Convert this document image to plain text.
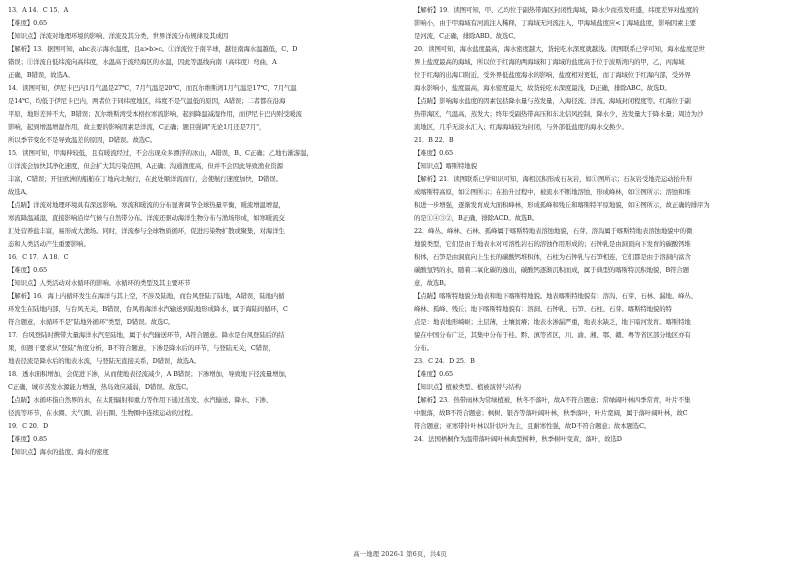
13．A 14．C 15．A
【难度】0.65
【知识点】洋流对地理环境的影响、洋流及其分类、世界洋流分布规律及其成因
【解析】13．据图可知，abc表示海水温度，且a>b>c。①洋流位于南半球，越往南海水温越低，C、D
错误；①洋流自低纬流向高纬度，水温高于流经海区的水温，因此等温线向南（高纬度）弯曲，A
正确，B错误，故选A。
14．读图可知，伊尼卡巴内1月气温是27℃，7月气温是20℃，而瓦尔维斯湾1月气温是17℃，7月气温
是14℃，均低于伊尼卡巴内，两者位于同纬度地区，纬度不是气温低的原因，A错误；二者都在沿海
平原，地形差异不大，B错误；瓦尔维斯湾受本格拉寒流影响，起到降温减湿作用，而伊尼卡巴内则受暖流
影响，起到增温增湿作用，故主要的影响因素是洋流，C正确；题目强调"无论1月还是7月"，
所以季节变化不是导致温差的原因，D错误。故选C。
15．读图可知，甲海伸较低，且有暖流经过，不会出现众多漂浮的冰山，A错误，B、C正确；乙地右渐游温，
①洋流会加快其净化速度，但会扩大其污染范围，A正确；沟通渔度高，但并不会因此导致渔业资源
丰富，C错误；开往欧洲的船舶在丁地向北航行，在此处顺洋流而行，会使航行速度加快，D错误。
故选A。
【点睛】洋流对地理环境具有深远影响。寒流和暖流的分布显著调节全球热量平衡，暖流增温增湿，
寒流降温减湿，直接影响沿岸气候与自然带分布。洋流还驱动海洋生物分布与渔场形成，如寒暖流交
汇处营养盐丰富，易形成大渔场。同时，洋流参与全球物质循环，促进污染物扩散或聚集，对海洋生
态和人类活动产生重要影响。
16．C 17．A 18．C
【难度】0.65
【知识点】人类活动对水循环的影响、水循环的类型及其主要环节
【解析】16．海上内循环发生在海洋与其上空，不涉及陆地，而台风登陆了陆地，A错误，陆地内循
环发生在陆地内部，与台风无关，B错误，台风将海洋水汽输送到陆地形成降水，属于海陆间循环，C
符合题意，水循环不是"陆地外循环"类型，D错误。故选C。
17．台风登陆时携带大量海洋水汽至陆地，属于水汽输送环节，A符合题意。降水是台风登陆后的结
果，但题干要求从"登陆"角度分析，B不符合题意，下渗是降水后的环节，与登陆无关，C错误，
地表径流是降水后的地表水流，与登陆无直接关系，D错误，故选A。
18．透水面积增加，会促进下渗，从而使地表径流减少，A B错误；下渗增加，导致地下径流量增加，
C正确，城市蒸发水源能力增强，热岛效应减弱，D错误。故选C。
【点睛】水循环指自然界的水，在太阳辐射和重力等作用下通过蒸发、水汽输送、降水、下渗、
径流等环节，在水圈、大气圈、岩石圈、生物圈中连续运动的过程。
19．C 20．D
【难度】0.85
【知识点】海水的盐度、海水的密度
【解析】19．读图可知，甲、乙均位于副热带海区封闭性海域，降水少而蒸发旺盛，纬度差异对盐度的
影响小，由于甲海域有河流注入稀释，丁海域无河流注入，甲海域盐度应<丁海域盐度，影响因素主要
是河流，C正确，排除ABD。故选C。
20．读图可知，海水盐度最高，海水密度越大，货轮吃水深度就越浅。读图联系已学可知，海水盐度是世
界上盐度最高的海域，所以位于红海的两海域和丁海域的盐度高于位于波斯湾内的甲，乙，丙海域
位于红海的出海口附近，受外界低盐度海水的影响，盐度相对更低，而丁海域位于红海内部，受外界
海水影响小，盐度最高，海水密度最大，故货轮吃水深度最浅，D正确，排除ABC。故选D。
【点睛】影响海水盐度的因素包括降水量与蒸发量，入海径流、洋流、海域封闭程度等。红海位于副
热带海区，气温高，蒸发大；终年受副热带高压和东北信风控制，降水少，蒸发量大于降水量；周边为沙
流地区，几乎无淡水汇入；红海海域较为封闭，与外部低盐度的海水交换少。
21．B 22．B
【难度】0.65
【知识点】喀斯特地貌
【解析】21．读图联系已学知识可知，海相沉积形成石灰岩，如①图所示；石灰岩受地壳运动抬升形
成喀斯特高原，如②图所示；在抬升过程中，被流水不断地溶蚀，形成峰林，如③图所示；溶蚀和堆
积进一步增强，逐渐发育成大面积峰林，形成孤峰和残丘和喀斯特平原地貌，如④图所示，故正确的排序为
的是①④③②，B正确，排除ACD。故选B。
22．峰丛、峰林、石林、孤峰属于喀斯特地表溶蚀地貌，石芽、溶沟属于喀斯特地表溶蚀地貌中的微
地貌类型，它们是由于地表水对可溶性岩石的溶蚀作用形成的；石钟乳是由洞顶向下发育的碳酸钙堆
积体，石笋是由洞底向上生长的碳酸钙堆积体，石柱为石钟乳与石笋相连，它们都是由于溶洞内富含
碳酸氢钙的水，随着二氧化碳的逸出，碳酸钙逐渐沉积而成，属于典型的喀斯特沉积地貌，B符合题
意，故选B。
【点睛】喀斯特地貌分地表和地下喀斯特地貌。地表喀斯特地貌有：溶沟、石芽、石林、漏地、峰丛、
峰林、孤峰、残丘；地下喀斯特地貌有：溶洞、石钟乳、石笋、石柱、石芽。喀斯特地貌的特
点是：地表地形崎岖；土层薄，土壤贫瘠；地表水渗漏严重，地表水缺乏，地下暗河发育。喀斯特地
貌在中国分布广泛，其集中分布于桂、黔、滇等省区，川、渝、湘、鄂、赣、粤等省区部分地区亦有
分布。
23．C 24．D 25．B
【难度】0.65
【知识点】植被类型、植被演替与结构
【解析】23．热带雨林为常绿植被，秋冬不落叶，故A不符合题意；常绿阔叶林四季常青，叶片不集
中脱落，故B不符合题意；枫树、银杏等落叶阔叶林，秋季落叶，叶片宽阔，属于落叶阔叶林，故C
符合题意；亚寒带针叶林以针状叶为主，且耐寒性强，故D不符合题意；故本题选C。
24．法国梧桐作为温带落叶阔叶林典型树种，秋季树叶变黄，落叶，故选D
高一地理 2026-1 第6页，共4页
